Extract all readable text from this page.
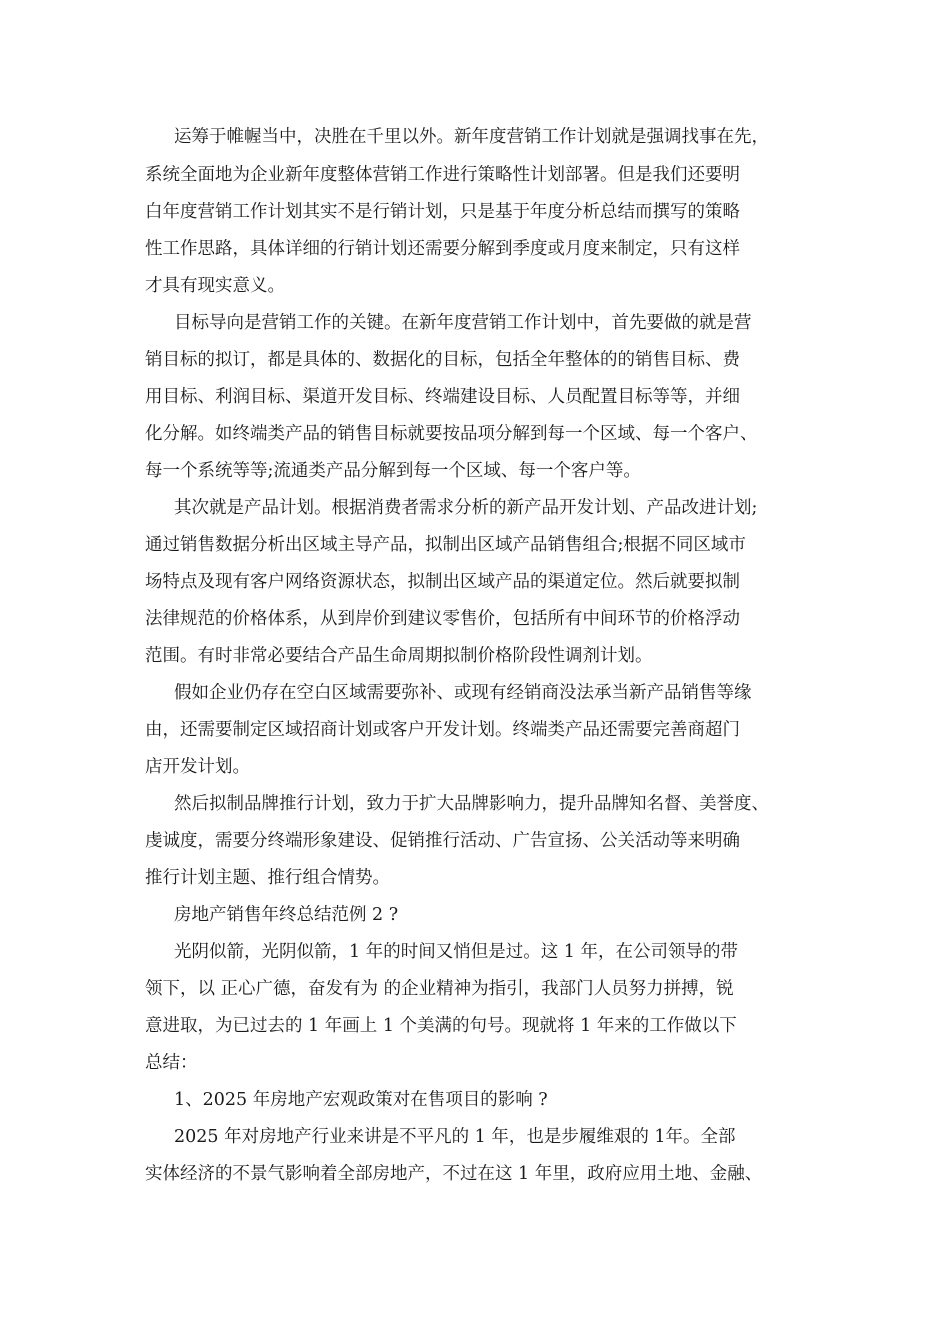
运筹于帷幄当中，决胜在千里以外。新年度营销工作计划就是强调找事在先，
系统全面地为企业新年度整体营销工作进行策略性计划部署。但是我们还要明
白年度营销工作计划其实不是行销计划，只是基于年度分析总结而撰写的策略
性工作思路，具体详细的行销计划还需要分解到季度或月度来制定，只有这样
才具有现实意义。
目标导向是营销工作的关键。在新年度营销工作计划中，首先要做的就是营
销目标的拟订，都是具体的、数据化的目标，包括全年整体的的销售目标、费
用目标、利润目标、渠道开发目标、终端建设目标、人员配置目标等等，并细
化分解。如终端类产品的销售目标就要按品项分解到每一个区域、每一个客户、
每一个系统等等;流通类产品分解到每一个区域、每一个客户等。
其次就是产品计划。根据消费者需求分析的新产品开发计划、产品改进计划;
通过销售数据分析出区域主导产品，拟制出区域产品销售组合;根据不同区域市
场特点及现有客户网络资源状态，拟制出区域产品的渠道定位。然后就要拟制
法律规范的价格体系，从到岸价到建议零售价，包括所有中间环节的价格浮动
范围。有时非常必要结合产品生命周期拟制价格阶段性调剂计划。
假如企业仍存在空白区域需要弥补、或现有经销商没法承当新产品销售等缘
由，还需要制定区域招商计划或客户开发计划。终端类产品还需要完善商超门
店开发计划。
然后拟制品牌推行计划，致力于扩大品牌影响力，提升品牌知名督、美誉度、
虔诚度，需要分终端形象建设、促销推行活动、广告宣扬、公关活动等来明确
推行计划主题、推行组合情势。
房地产销售年终总结范例 2 ?
光阴似箭，光阴似箭，1 年的时间又悄但是过。这 1 年，在公司领导的带
领下，以 正心广德，奋发有为 的企业精神为指引，我部门人员努力拼搏，锐
意进取，为已过去的 1 年画上 1 个美满的句号。现就将 1 年来的工作做以下
总结：
1、2025 年房地产宏观政策对在售项目的影响 ?
2025 年对房地产行业来讲是不平凡的 1 年，也是步履维艰的 1年。全部
实体经济的不景气影响着全部房地产，不过在这 1 年里，政府应用土地、金融、
